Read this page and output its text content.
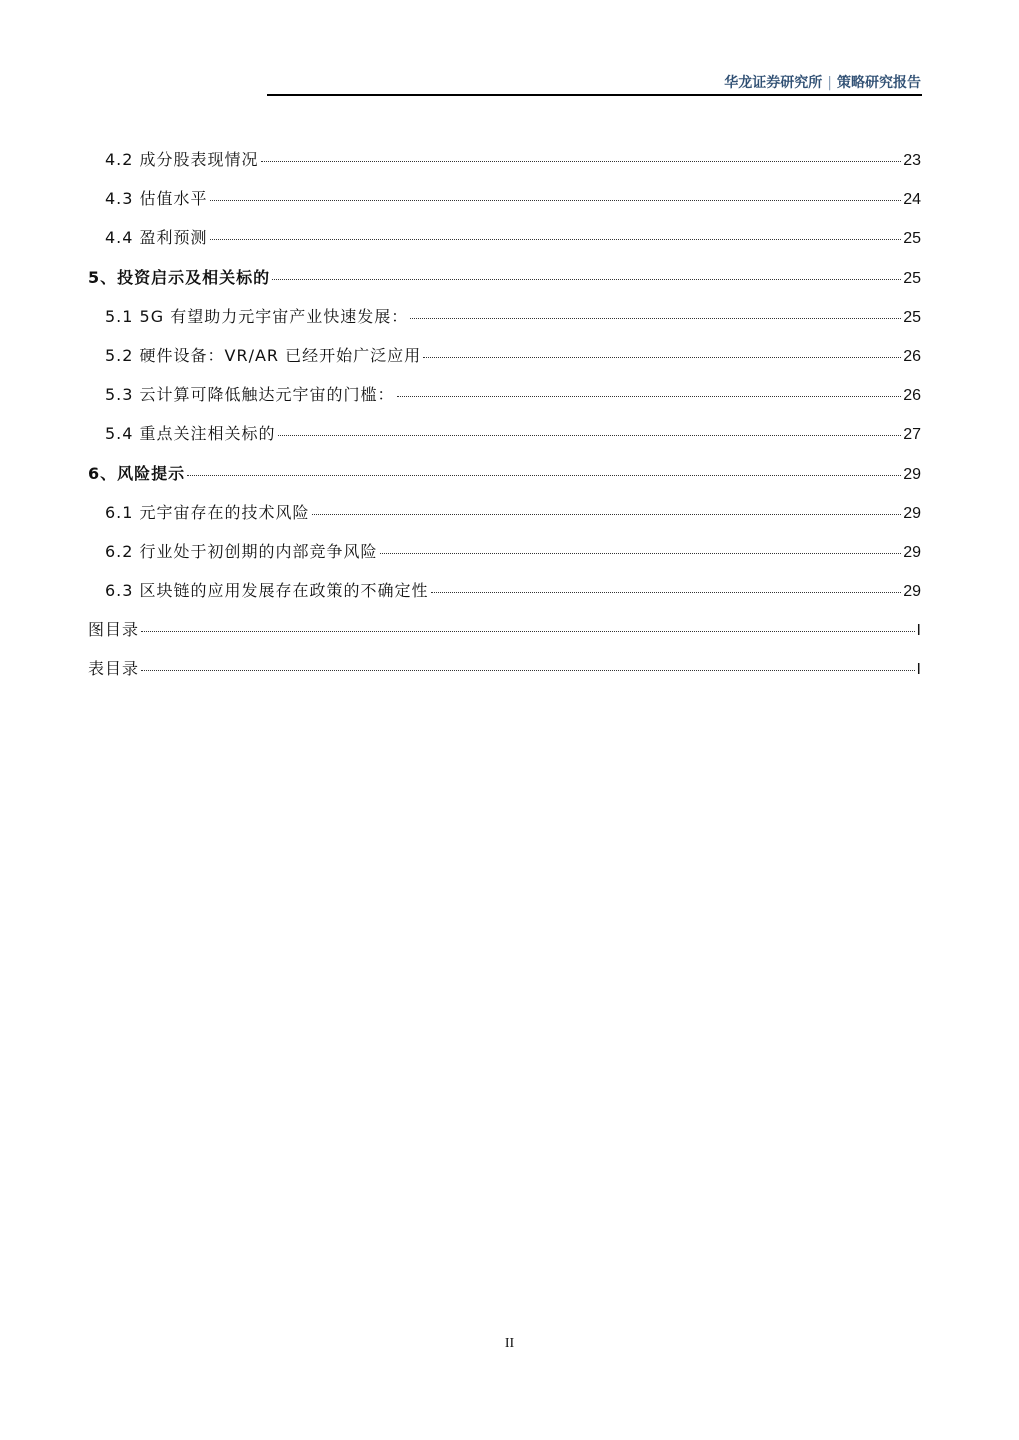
华龙证券研究所 | 策略研究报告
4.2 成分股表现情况	23
4.3 估值水平	24
4.4 盈利预测	25
5、投资启示及相关标的	25
5.1 5G 有望助力元宇宙产业快速发展：	25
5.2 硬件设备：VR/AR 已经开始广泛应用	26
5.3 云计算可降低触达元宇宙的门槛：	26
5.4 重点关注相关标的	27
6、风险提示	29
6.1 元宇宙存在的技术风险	29
6.2 行业处于初创期的内部竞争风险	29
6.3 区块链的应用发展存在政策的不确定性	29
图目录	I
表目录	I
II
